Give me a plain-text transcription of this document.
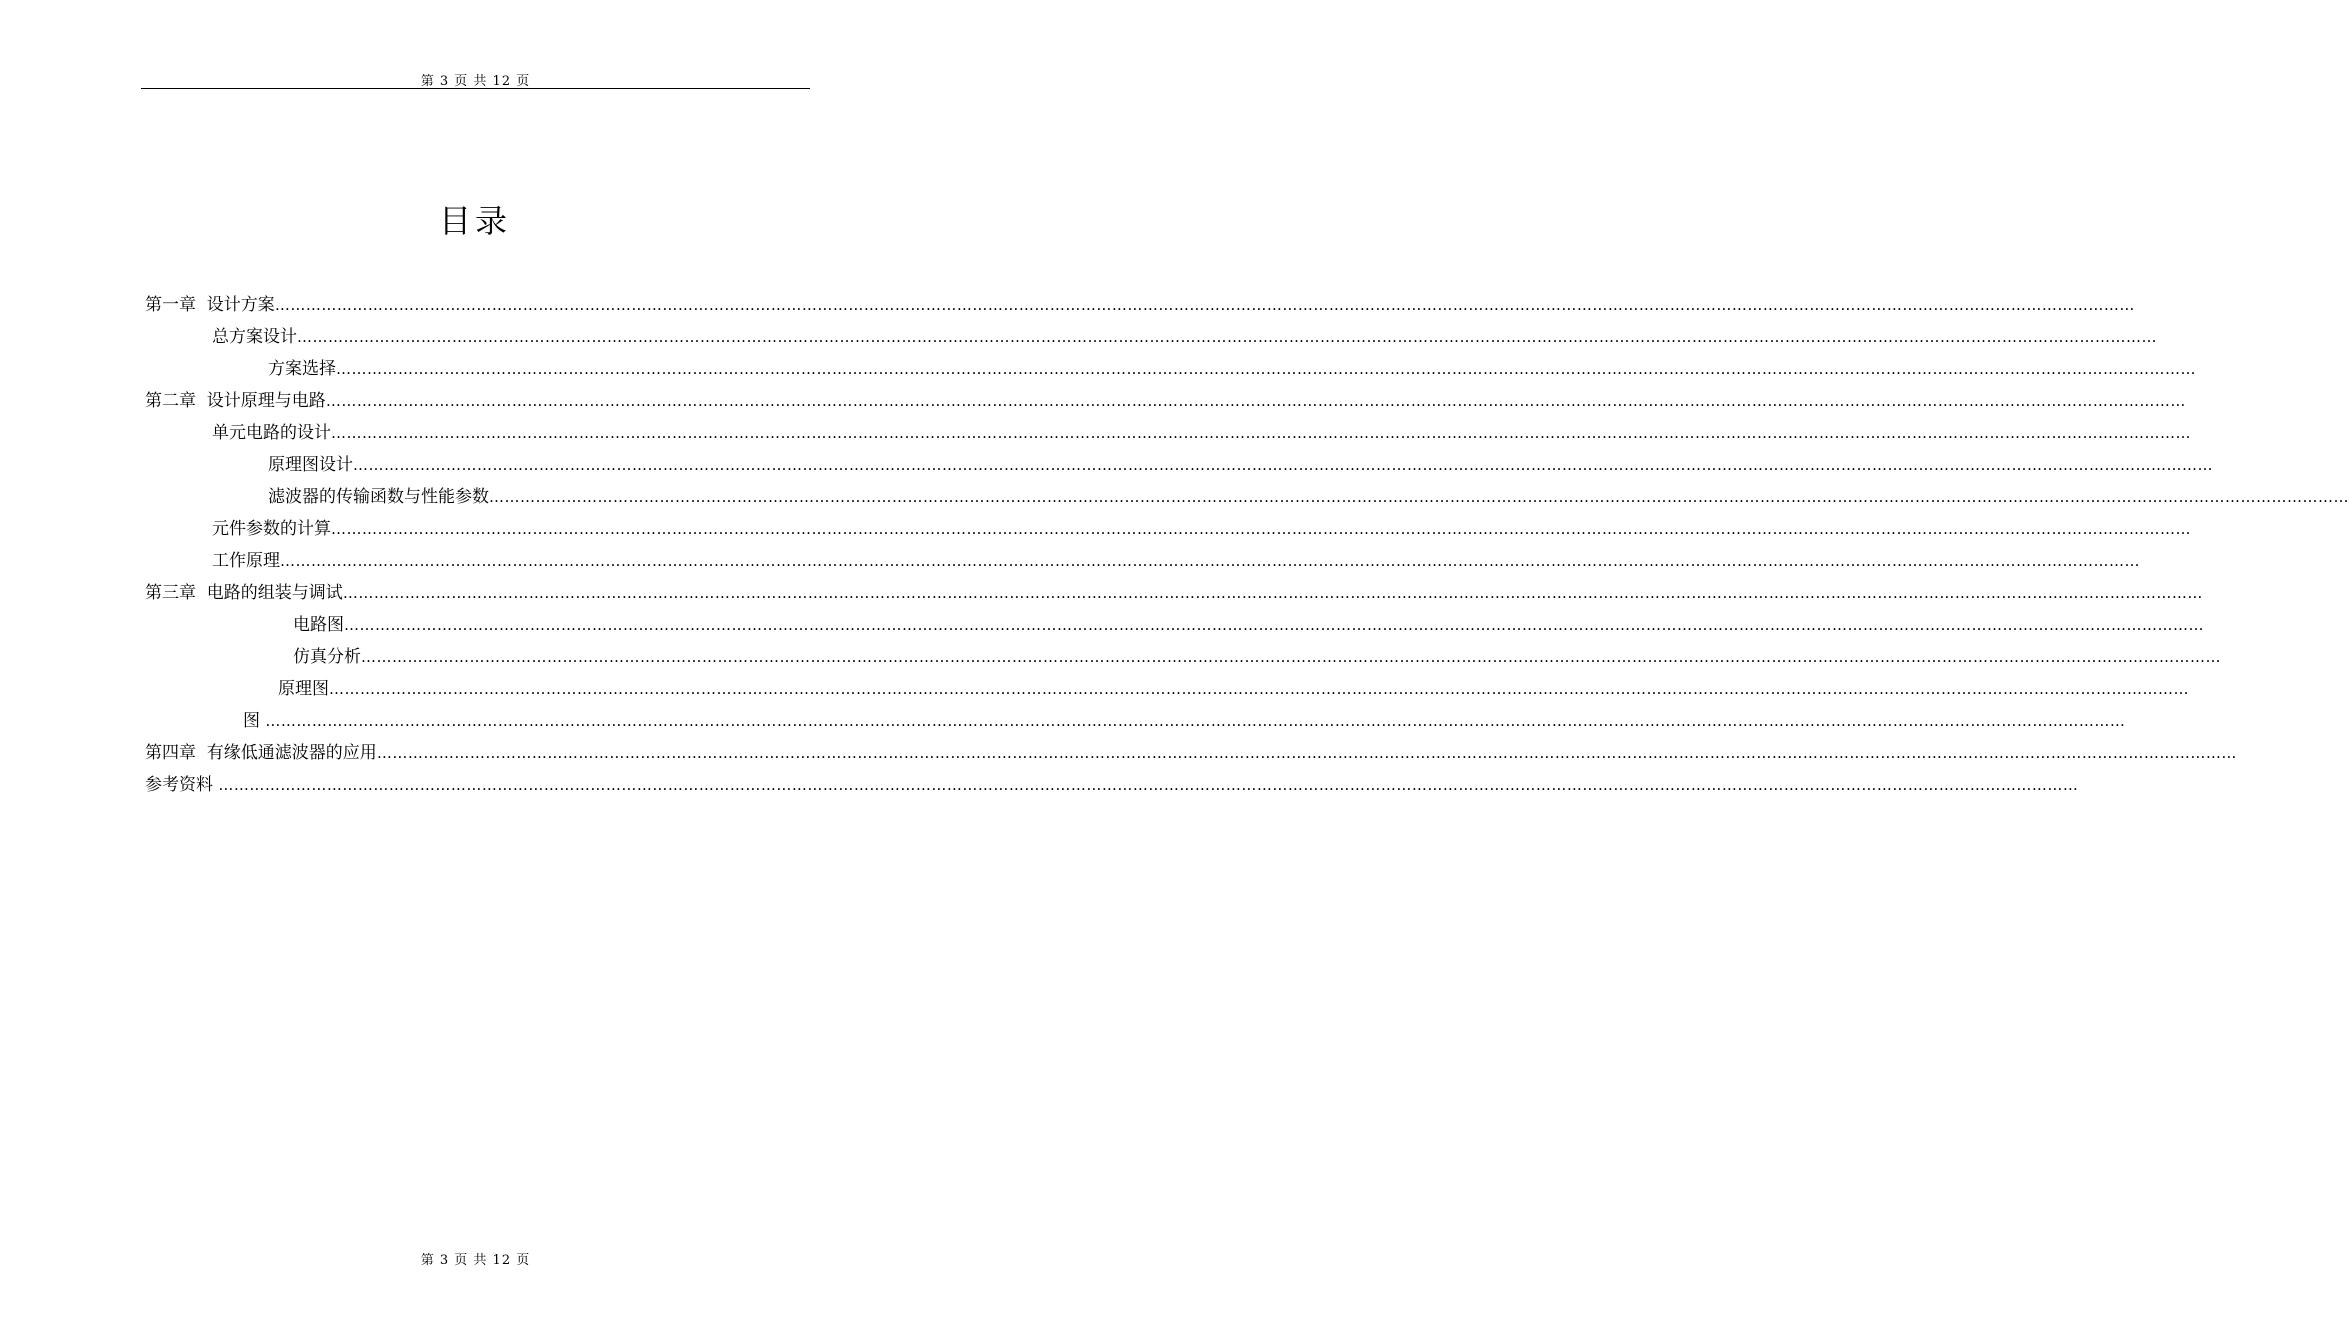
第 3 页 共 12 页
目录
第一章  设计方案 ………………………………………………………………………………………………………………………………………………………………………………………………………………………………………………………………………………………………………………………………
总方案设计 ………………………………………………………………………………………………………………………………………………………………………………………………………………………………………………………………………………………………………………………………
方案选择 ………………………………………………………………………………………………………………………………………………………………………………………………………………………………………………………………………………………………………………………………
第二章  设计原理与电路 ………………………………………………………………………………………………………………………………………………………………………………………………………………………………………………………………………………………………………………………………
单元电路的设计 ………………………………………………………………………………………………………………………………………………………………………………………………………………………………………………………………………………………………………………………………
原理图设计 ………………………………………………………………………………………………………………………………………………………………………………………………………………………………………………………………………………………………………………………………
滤波器的传输函数与性能参数 ………………………………………………………………………………………………………………………………………………………………………………………………………………………………………………………………………………………………………………………………
元件参数的计算 ………………………………………………………………………………………………………………………………………………………………………………………………………………………………………………………………………………………………………………………………
工作原理 ………………………………………………………………………………………………………………………………………………………………………………………………………………………………………………………………………………………………………………………………
第三章  电路的组装与调试 ………………………………………………………………………………………………………………………………………………………………………………………………………………………………………………………………………………………………………………………………
电路图 ………………………………………………………………………………………………………………………………………………………………………………………………………………………………………………………………………………………………………………………………
仿真分析 ………………………………………………………………………………………………………………………………………………………………………………………………………………………………………………………………………………………………………………………………
原理图 ………………………………………………………………………………………………………………………………………………………………………………………………………………………………………………………………………………………………………………………………
图 ………………………………………………………………………………………………………………………………………………………………………………………………………………………………………………………………………………………………………………………………
第四章  有缘低通滤波器的应用 ………………………………………………………………………………………………………………………………………………………………………………………………………………………………………………………………………………………………………………………………
参考资料 ………………………………………………………………………………………………………………………………………………………………………………………………………………………………………………………………………………………………………………………………
第 3 页 共 12 页
